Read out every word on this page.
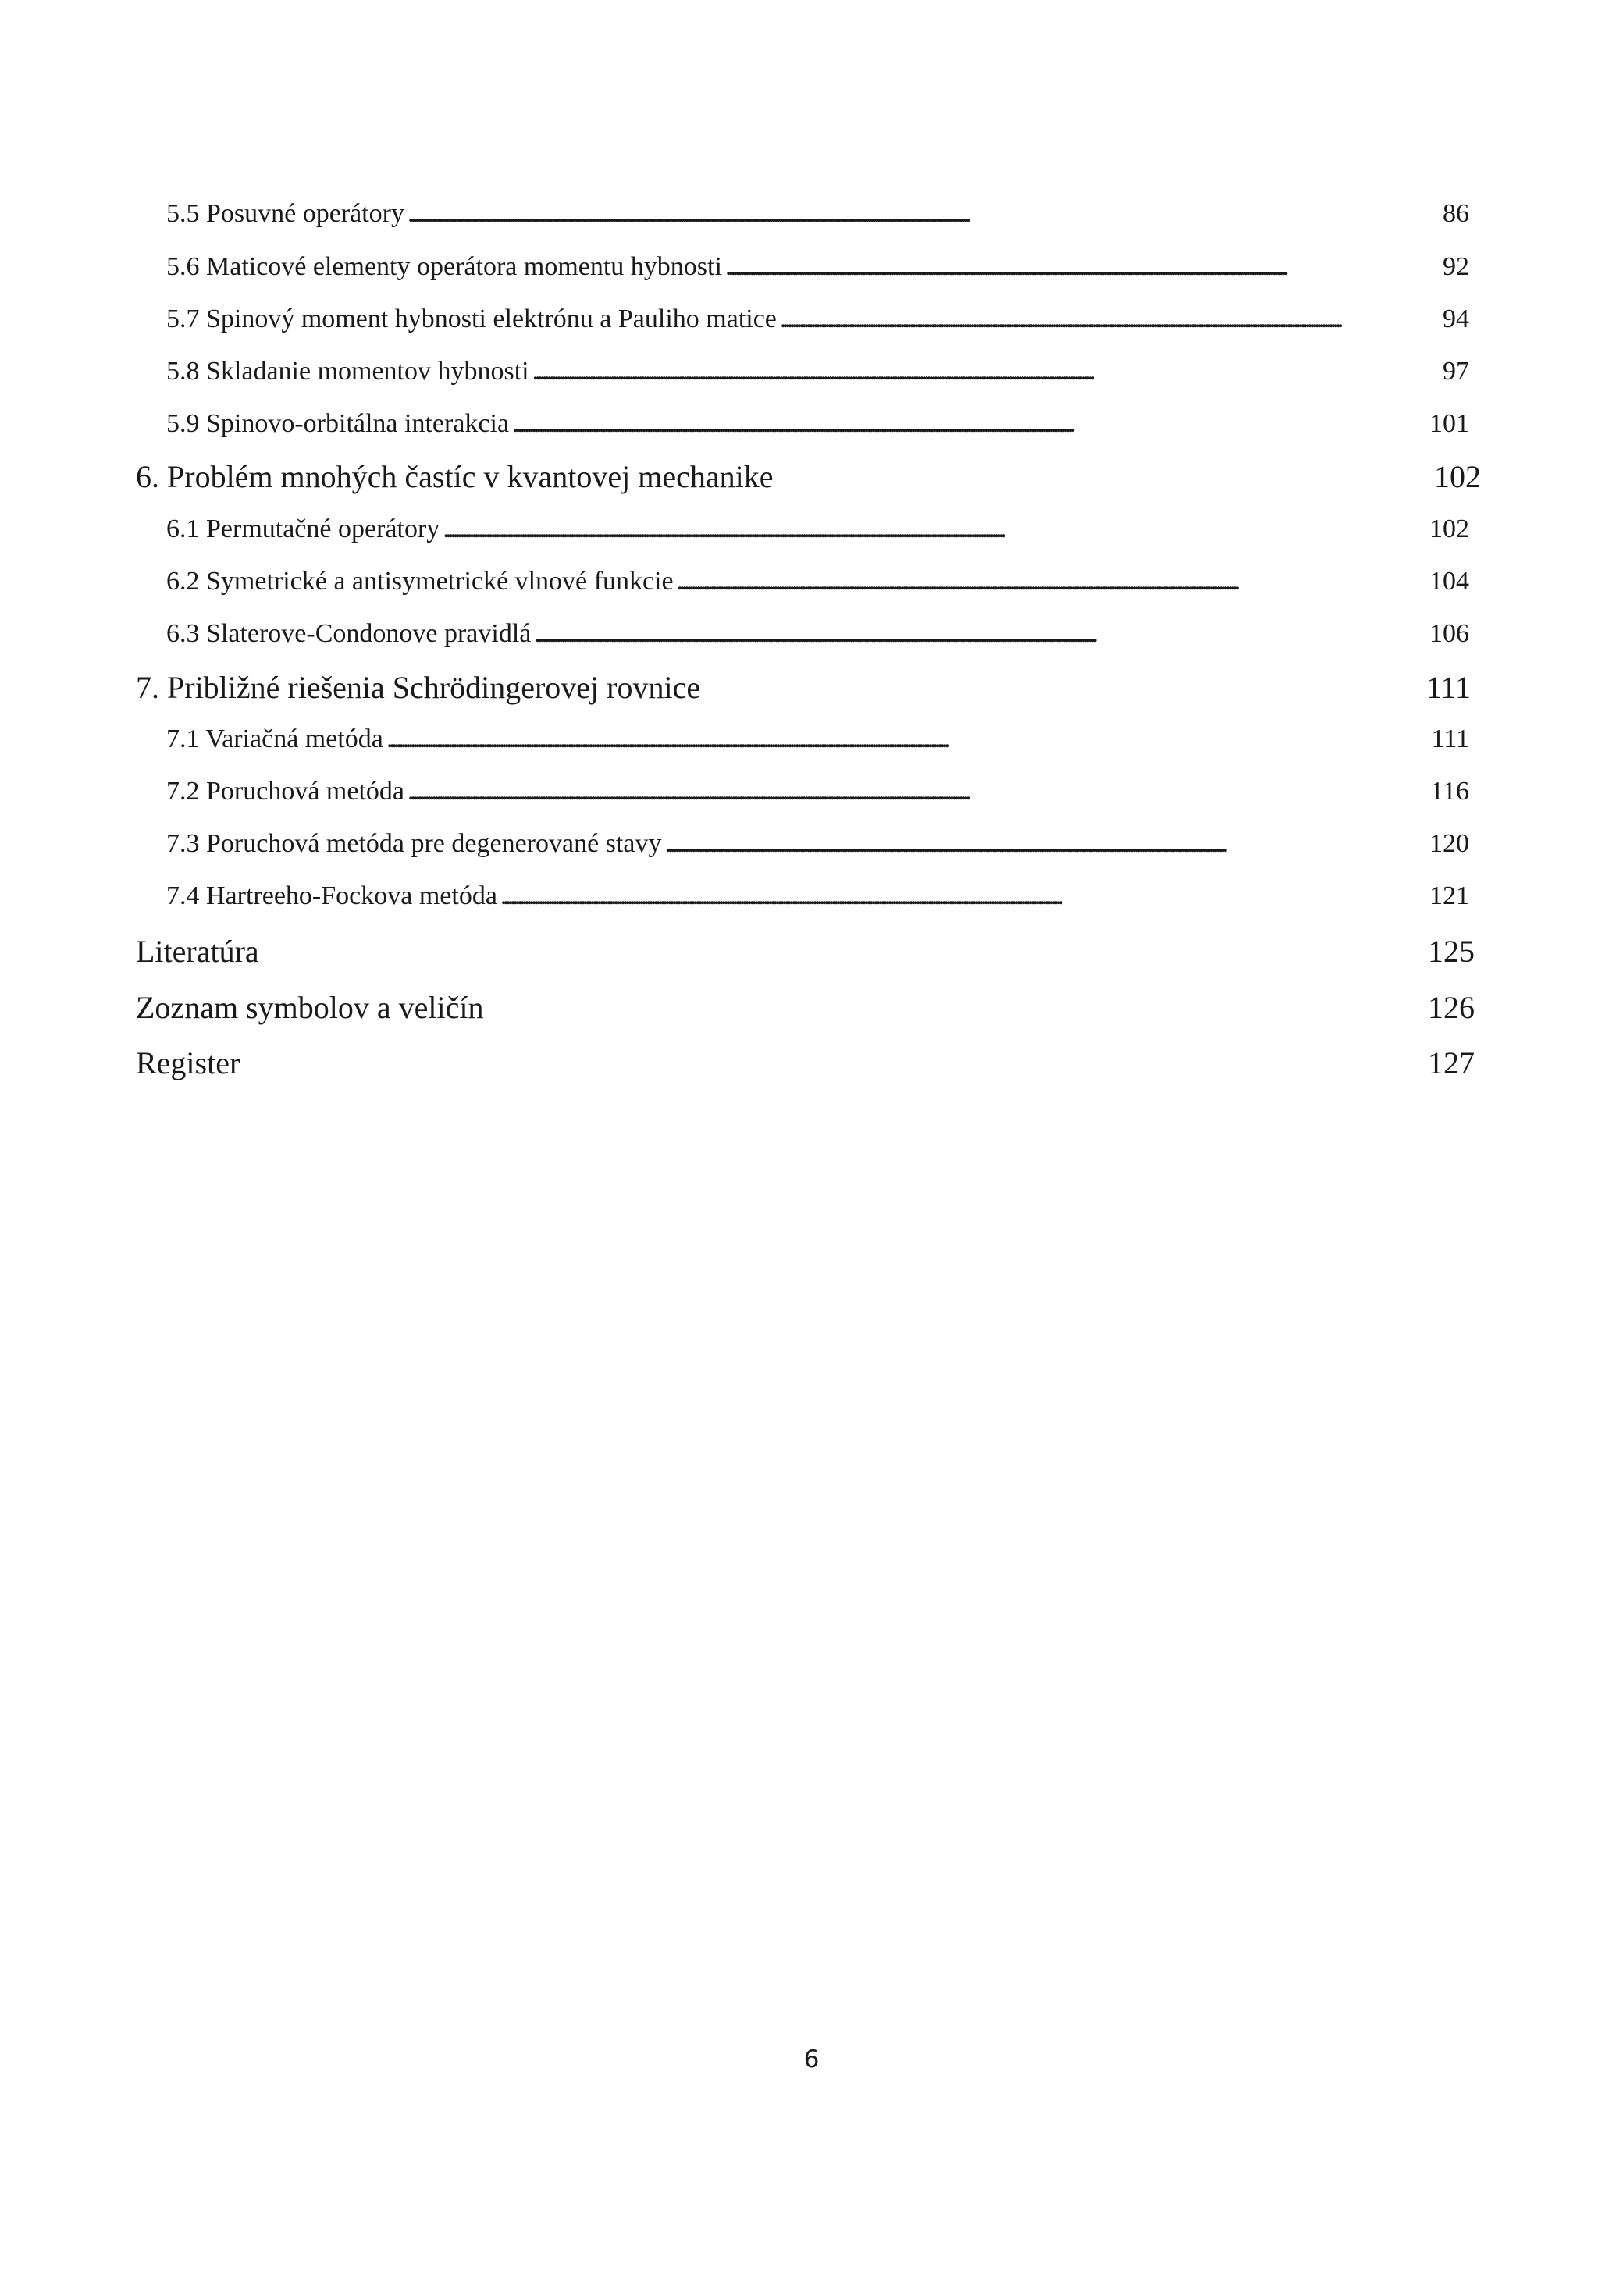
5.5 Posuvné operátory . . .	86
5.6 Maticové elementy operátora momentu hybnosti . . .	92
5.7 Spinový moment hybnosti elektrónu a Pauliho matice . . .	94
5.8 Skladanie momentov hybnosti . . .	97
5.9 Spinovo-orbitálna interakcia . . .	101
6. Problém mnohých častíc v kvantovej mechanike	102
6.1 Permutačné operátory . . .	102
6.2 Symetrické a antisymetrické vlnové funkcie . . .	104
6.3 Slaterove-Condonove pravidlá . . .	106
7. Približné riešenia Schrödingerovej rovnice	111
7.1 Variačná metóda . . .	111
7.2 Poruchová metóda . . .	116
7.3 Poruchová metóda pre degenerované stavy . . .	120
7.4 Hartreeho-Fockova metóda . . .	121
Literatúra	125
Zoznam symbolov a veličín	126
Register	127
6
